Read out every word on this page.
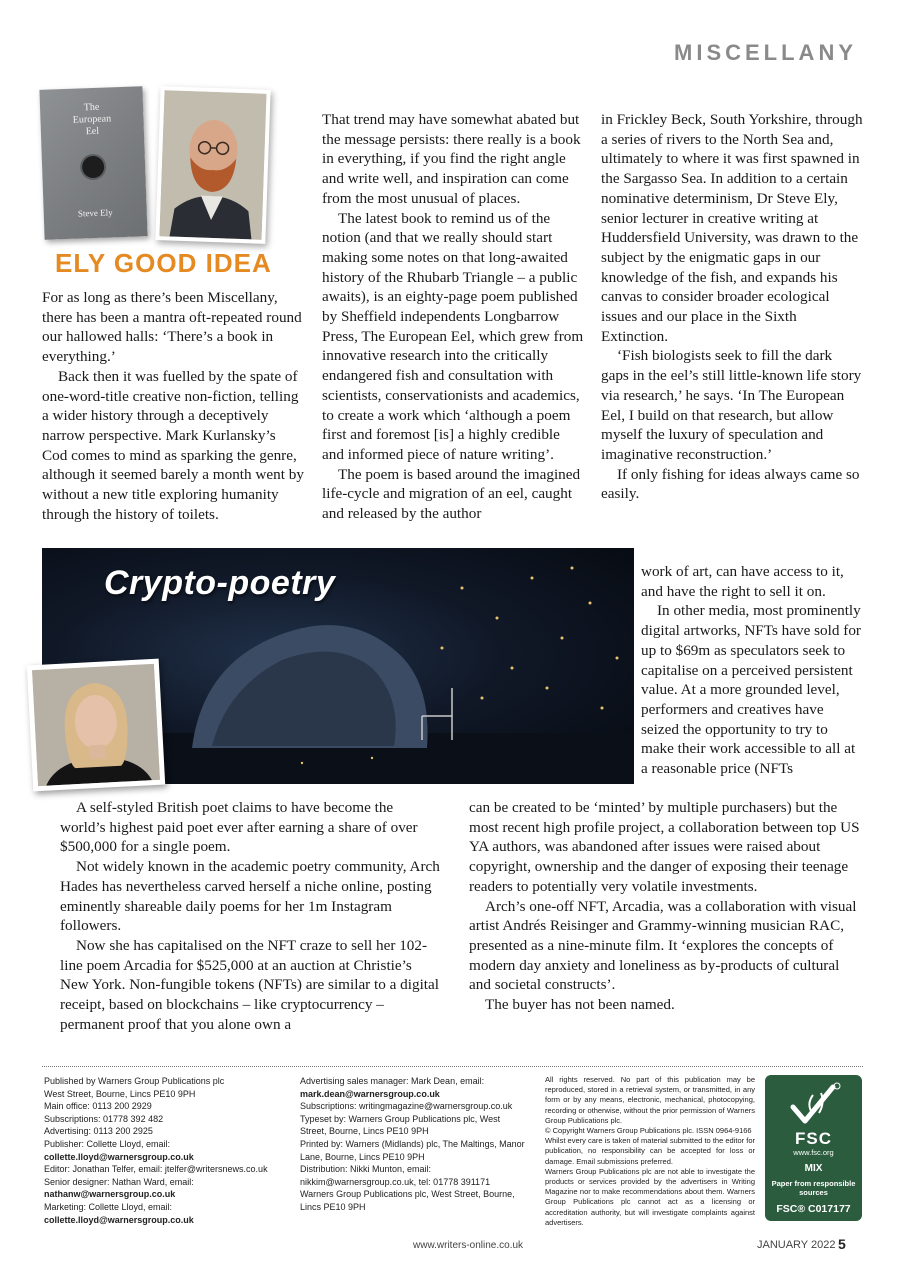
MISCELLANY
The
European
Eel
Steve Ely
ELY GOOD IDEA

For as long as there’s been Miscellany, there has been a mantra oft-repeated round our hallowed halls: ‘There’s a book in everything.’

Back then it was fuelled by the spate of one-word-title creative non-fiction, telling a wider history through a deceptively narrow perspective. Mark Kurlansky’s Cod comes to mind as sparking the genre, although it seemed barely a month went by without a new title exploring humanity through the history of toilets.

That trend may have somewhat abated but the message persists: there really is a book in everything, if you find the right angle and write well, and inspiration can come from the most unusual of places.

The latest book to remind us of the notion (and that we really should start making some notes on that long-awaited history of the Rhubarb Triangle – a public awaits), is an eighty-page poem published by Sheffield independents Longbarrow Press, The European Eel, which grew from innovative research into the critically endangered fish and consultation with scientists, conservationists and academics, to create a work which ‘although a poem first and foremost [is] a highly credible and informed piece of nature writing’.

The poem is based around the imagined life-cycle and migration of an eel, caught and released by the author

in Frickley Beck, South Yorkshire, through a series of rivers to the North Sea and, ultimately to where it was first spawned in the Sargasso Sea. In addition to a certain nominative determinism, Dr Steve Ely, senior lecturer in creative writing at Huddersfield University, was drawn to the subject by the enigmatic gaps in our knowledge of the fish, and expands his canvas to consider broader ecological issues and our place in the Sixth Extinction.

‘Fish biologists seek to fill the dark gaps in the eel’s still little-known life story via research,’ he says. ‘In The European Eel, I build on that research, but allow myself the luxury of speculation and imaginative reconstruction.’

If only fishing for ideas always came so easily.

Crypto-poetry	work of art, can have access to it, and have the right to sell it on.

In other media, most prominently digital artworks, NFTs have sold for up to $69m as speculators seek to capitalise on a perceived persistent value. At a more grounded level, performers and creatives have seized the opportunity to try to make their work accessible to all at a reasonable price (NFTs

A self-styled British poet claims to have become the world’s highest paid poet ever after earning a share of over $500,000 for a single poem.

Not widely known in the academic poetry community, Arch Hades has nevertheless carved herself a niche online, posting eminently shareable daily poems for her 1m Instagram followers.

Now she has capitalised on the NFT craze to sell her 102-line poem Arcadia for $525,000 at an auction at Christie’s New York. Non-fungible tokens (NFTs) are similar to a digital receipt, based on blockchains – like cryptocurrency – permanent proof that you alone own a

can be created to be ‘minted’ by multiple purchasers) but the most recent high profile project, a collaboration between top US YA authors, was abandoned after issues were raised about copyright, ownership and the danger of exposing their teenage readers to potentially very volatile investments.

Arch’s one-off NFT, Arcadia, was a collaboration with visual artist Andrés Reisinger and Grammy-winning musician RAC, presented as a nine-minute film. It ‘explores the concepts of modern day anxiety and loneliness as by-products of cultural and societal constructs’.

The buyer has not been named.

Published by Warners Group Publications plc
West Street, Bourne, Lincs PE10 9PH
Main office: 0113 200 2929
Subscriptions: 01778 392 482
Advertising: 0113 200 2925
Publisher: Collette Lloyd, email:
collette.lloyd@warnersgroup.co.uk
Editor: Jonathan Telfer, email: jtelfer@writersnews.co.uk
Senior designer: Nathan Ward, email:
nathanw@warnersgroup.co.uk
Marketing: Collette Lloyd, email:
collette.lloyd@warnersgroup.co.uk
Advertising sales manager: Mark Dean, email:
mark.dean@warnersgroup.co.uk
Subscriptions: writingmagazine@warnersgroup.co.uk
Typeset by: Warners Group Publications plc, West
Street, Bourne, Lincs PE10 9PH
Printed by: Warners (Midlands) plc, The Maltings, Manor
Lane, Bourne, Lincs PE10 9PH
Distribution: Nikki Munton, email:
nikkim@warnersgroup.co.uk, tel: 01778 391171
Warners Group Publications plc, West Street, Bourne,
Lincs PE10 9PH
All rights reserved. No part of this publication may be reproduced, stored in a retrieval system, or transmitted, in any form or by any means, electronic, mechanical, photocopying, recording or otherwise, without the prior permission of Warners Group Publications plc.
© Copyright Warners Group Publications plc. ISSN 0964-9166
Whilst every care is taken of material submitted to the editor for publication, no responsibility can be accepted for loss or damage. Email submissions preferred.
Warners Group Publications plc are not able to investigate the products or services provided by the advertisers in Writing Magazine nor to make recommendations about them. Warners Group Publications plc cannot act as a licensing or accreditation authority, but will investigate complaints against advertisers.
FSC
www.fsc.org
MIX
Paper from responsible sources
FSC® C017177
www.writers-online.co.uk	JANUARY 2022 5
